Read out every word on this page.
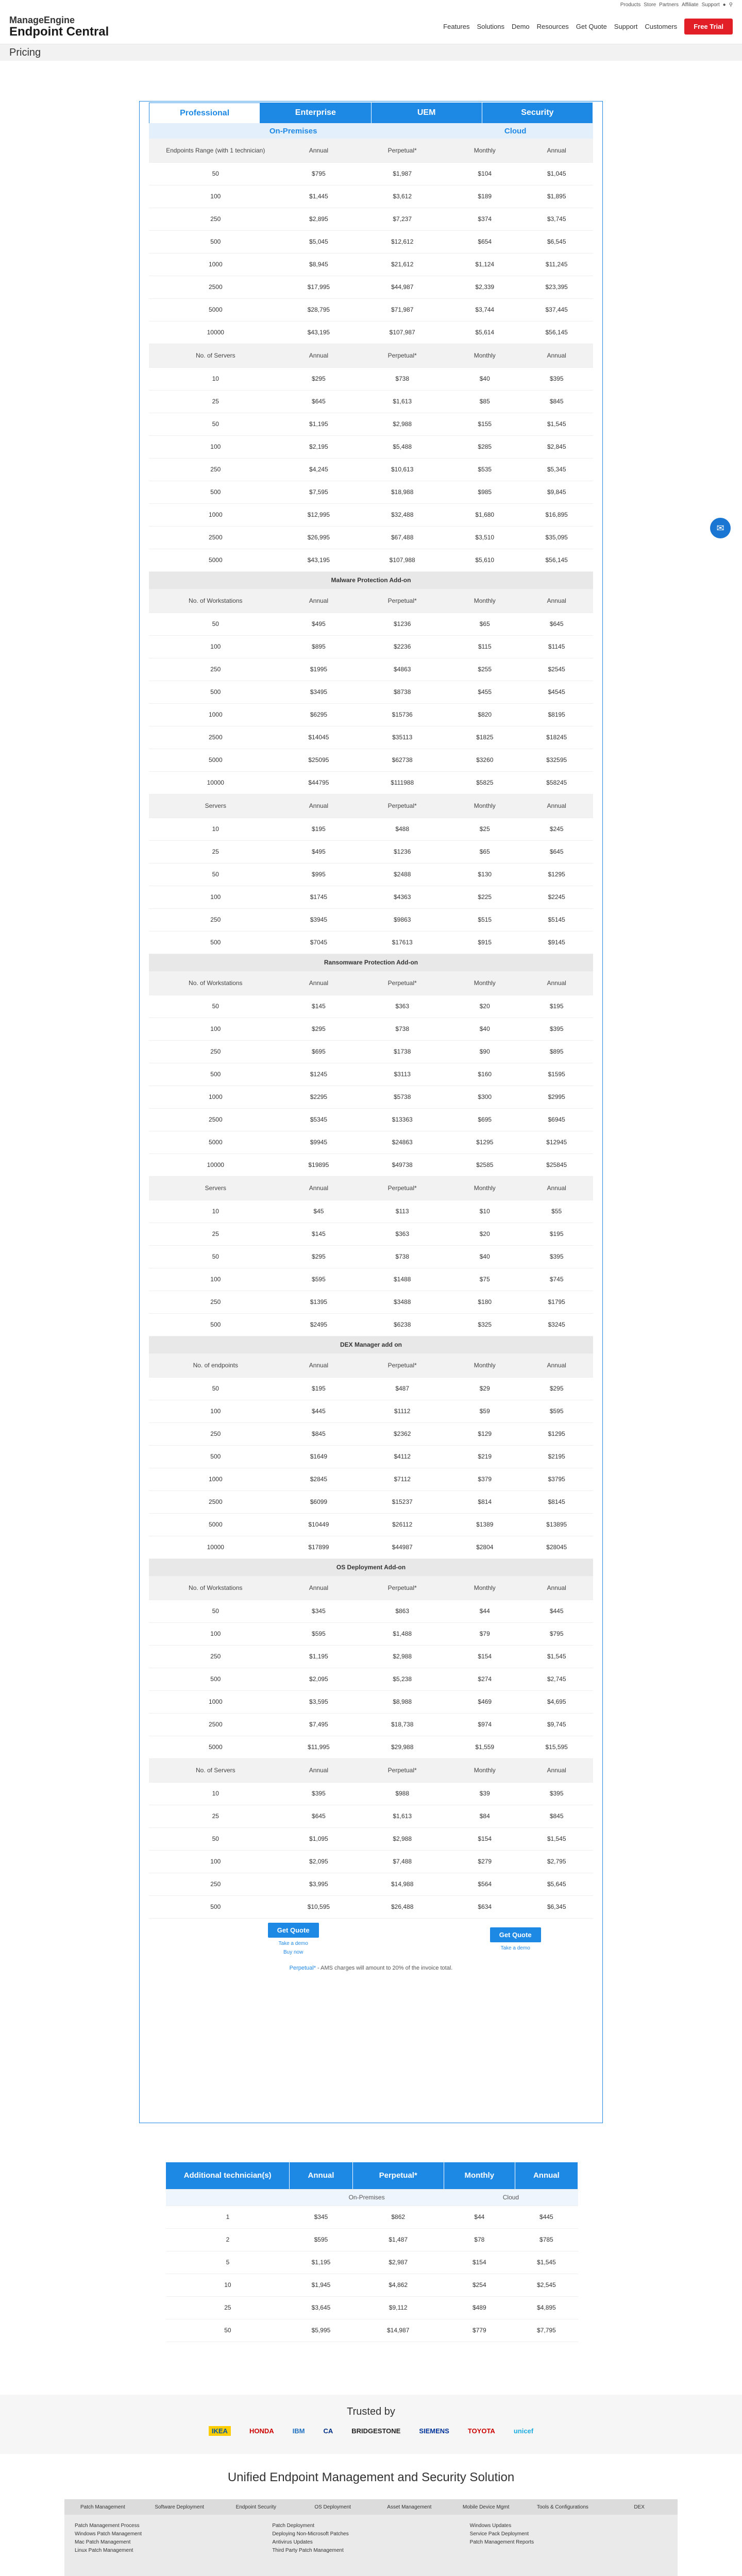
Products Store Partners Affiliate Support ● ⚲
ManageEngine
Endpoint Central	Features Solutions Demo Resources Get Quote Support Customers	Free Trial
Pricing
✉
Professional	Enterprise	UEM	Security
On-Premises	Cloud
Endpoints Range (with 1 technician)	Annual	Perpetual*	Monthly	Annual
50	$795	$1,987	$104	$1,045
100	$1,445	$3,612	$189	$1,895
250	$2,895	$7,237	$374	$3,745
500	$5,045	$12,612	$654	$6,545
1000	$8,945	$21,612	$1,124	$11,245
2500	$17,995	$44,987	$2,339	$23,395
5000	$28,795	$71,987	$3,744	$37,445
10000	$43,195	$107,987	$5,614	$56,145
No. of Servers	Annual	Perpetual*	Monthly	Annual
10	$295	$738	$40	$395
25	$645	$1,613	$85	$845
50	$1,195	$2,988	$155	$1,545
100	$2,195	$5,488	$285	$2,845
250	$4,245	$10,613	$535	$5,345
500	$7,595	$18,988	$985	$9,845
1000	$12,995	$32,488	$1,680	$16,895
2500	$26,995	$67,488	$3,510	$35,095
5000	$43,195	$107,988	$5,610	$56,145
Malware Protection Add-on				
No. of Workstations	Annual	Perpetual*	Monthly	Annual
50	$495	$1236	$65	$645
100	$895	$2236	$115	$1145
250	$1995	$4863	$255	$2545
500	$3495	$8738	$455	$4545
1000	$6295	$15736	$820	$8195
2500	$14045	$35113	$1825	$18245
5000	$25095	$62738	$3260	$32595
10000	$44795	$111988	$5825	$58245
Servers	Annual	Perpetual*	Monthly	Annual
10	$195	$488	$25	$245
25	$495	$1236	$65	$645
50	$995	$2488	$130	$1295
100	$1745	$4363	$225	$2245
250	$3945	$9863	$515	$5145
500	$7045	$17613	$915	$9145
Ransomware Protection Add-on				
No. of Workstations	Annual	Perpetual*	Monthly	Annual
50	$145	$363	$20	$195
100	$295	$738	$40	$395
250	$695	$1738	$90	$895
500	$1245	$3113	$160	$1595
1000	$2295	$5738	$300	$2995
2500	$5345	$13363	$695	$6945
5000	$9945	$24863	$1295	$12945
10000	$19895	$49738	$2585	$25845
Servers	Annual	Perpetual*	Monthly	Annual
10	$45	$113	$10	$55
25	$145	$363	$20	$195
50	$295	$738	$40	$395
100	$595	$1488	$75	$745
250	$1395	$3488	$180	$1795
500	$2495	$6238	$325	$3245
DEX Manager add on				
No. of endpoints	Annual	Perpetual*	Monthly	Annual
50	$195	$487	$29	$295
100	$445	$1112	$59	$595
250	$845	$2362	$129	$1295
500	$1649	$4112	$219	$2195
1000	$2845	$7112	$379	$3795
2500	$6099	$15237	$814	$8145
5000	$10449	$26112	$1389	$13895
10000	$17899	$44987	$2804	$28045
OS Deployment Add-on				
No. of Workstations	Annual	Perpetual*	Monthly	Annual
50	$345	$863	$44	$445
100	$595	$1,488	$79	$795
250	$1,195	$2,988	$154	$1,545
500	$2,095	$5,238	$274	$2,745
1000	$3,595	$8,988	$469	$4,695
2500	$7,495	$18,738	$974	$9,745
5000	$11,995	$29,988	$1,559	$15,595
No. of Servers	Annual	Perpetual*	Monthly	Annual
10	$395	$988	$39	$395
25	$645	$1,613	$84	$845
50	$1,095	$2,988	$154	$1,545
100	$2,095	$7,488	$279	$2,795
250	$3,995	$14,988	$564	$5,645
500	$10,595	$26,488	$634	$6,345
Get Quote
Take a demo
Buy now
Get Quote
Take a demo
Perpetual* - AMS charges will amount to 20% of the invoice total.
Additional technician(s)	Annual	Perpetual*	Monthly	Annual
	On-Premises		Cloud	
1	$345	$862	$44	$445
2	$595	$1,487	$78	$785
5	$1,195	$2,987	$154	$1,545
10	$1,945	$4,862	$254	$2,545
25	$3,645	$9,112	$489	$4,895
50	$5,995	$14,987	$779	$7,795
Trusted by
IKEA	HONDA	IBM	CA	BRIDGESTONE	SIEMENS	TOYOTA	unicef
Unified Endpoint Management and Security Solution
Patch Management	Software Deployment	Endpoint Security	OS Deployment	Asset Management	Mobile Device Mgmt	Tools & Configurations	DEX

Patch Management Process

Windows Patch Management

Mac Patch Management

Linux Patch Management

Patch Deployment

Deploying Non-Microsoft Patches

Antivirus Updates

Third Party Patch Management

Windows Updates

Service Pack Deployment

Patch Management Reports
